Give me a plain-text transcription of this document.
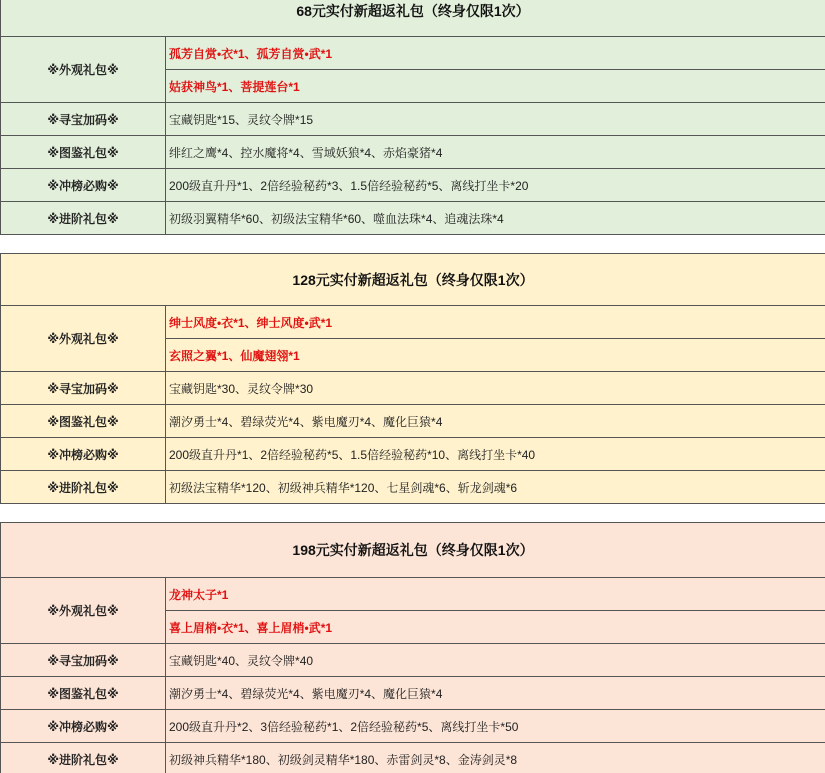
68元实付新超返礼包（终身仅限1次）	
※外观礼包※	孤芳自赏•衣*1、孤芳自赏•武*1
	姑获神鸟*1、菩提莲台*1
※寻宝加码※	宝藏钥匙*15、灵纹令牌*15
※图鉴礼包※	绯红之鹰*4、控水魔将*4、雪域妖狼*4、赤焰豪猪*4
※冲榜必购※	200级直升丹*1、2倍经验秘药*3、1.5倍经验秘药*5、离线打坐卡*20
※进阶礼包※	初级羽翼精华*60、初级法宝精华*60、噬血法珠*4、追魂法珠*4
128元实付新超返礼包（终身仅限1次）	
※外观礼包※	绅士风度•衣*1、绅士风度•武*1
	玄照之翼*1、仙魔翅翎*1
※寻宝加码※	宝藏钥匙*30、灵纹令牌*30
※图鉴礼包※	潮汐勇士*4、碧绿荧光*4、紫电魔刃*4、魔化巨猿*4
※冲榜必购※	200级直升丹*1、2倍经验秘药*5、1.5倍经验秘药*10、离线打坐卡*40
※进阶礼包※	初级法宝精华*120、初级神兵精华*120、七星剑魂*6、斩龙剑魂*6
198元实付新超返礼包（终身仅限1次）	
※外观礼包※	龙神太子*1
	喜上眉梢•衣*1、喜上眉梢•武*1
※寻宝加码※	宝藏钥匙*40、灵纹令牌*40
※图鉴礼包※	潮汐勇士*4、碧绿荧光*4、紫电魔刃*4、魔化巨猿*4
※冲榜必购※	200级直升丹*2、3倍经验秘药*1、2倍经验秘药*5、离线打坐卡*50
※进阶礼包※	初级神兵精华*180、初级剑灵精华*180、赤雷剑灵*8、金涛剑灵*8
